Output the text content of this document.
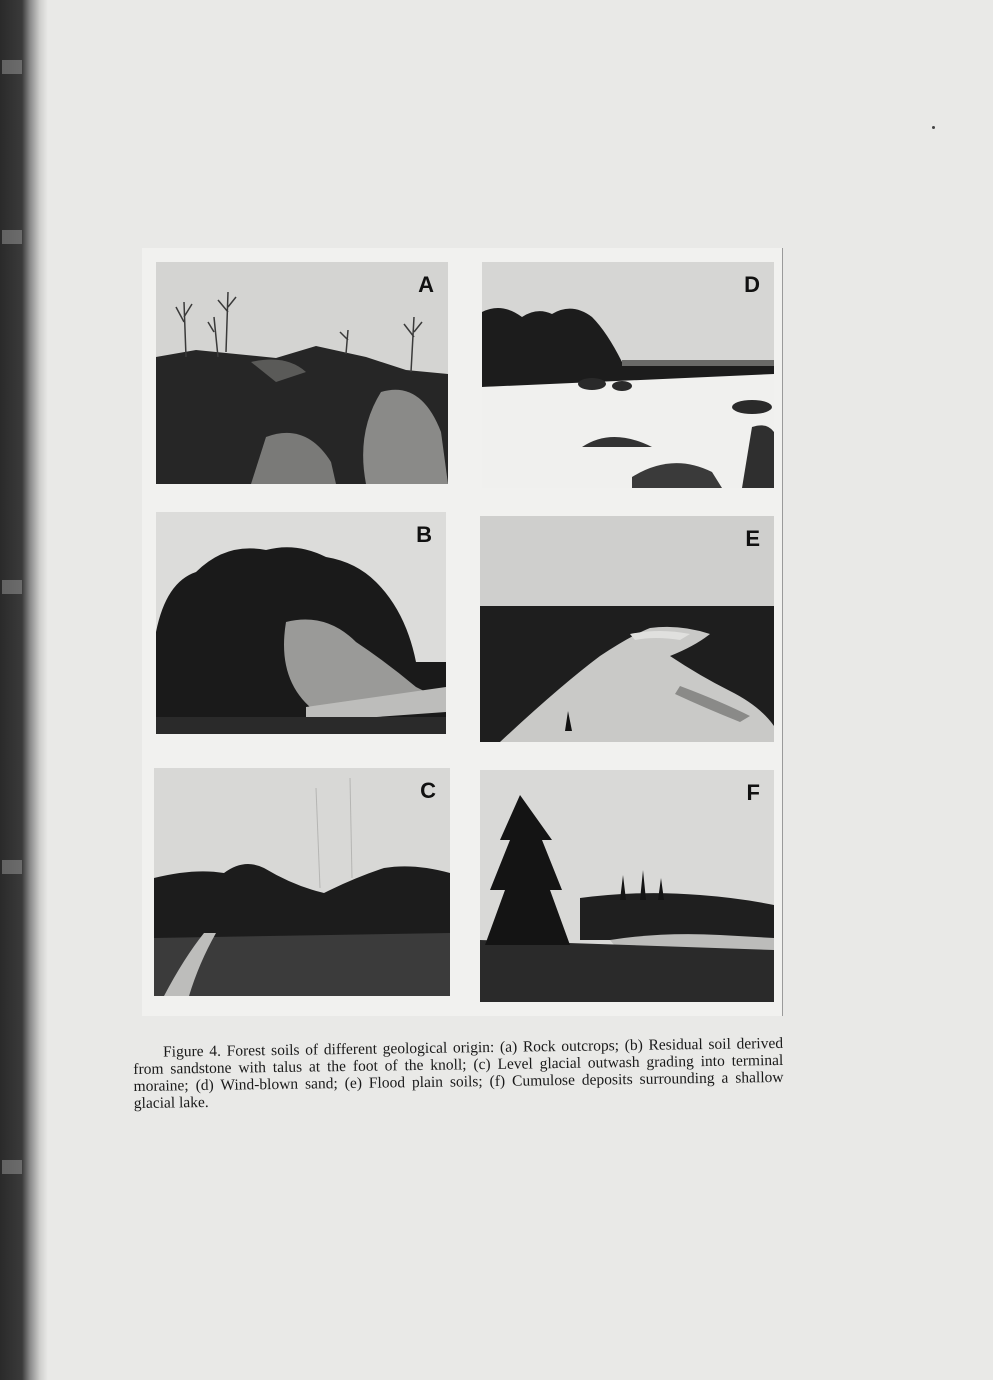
A	D
B	E
C	F
Figure 4. Forest soils of different geological origin: (a) Rock outcrops; (b) Residual soil derived from sandstone with talus at the foot of the knoll; (c) Level glacial outwash grading into terminal moraine; (d) Wind-blown sand; (e) Flood plain soils; (f) Cumulose deposits surrounding a shallow glacial lake.
